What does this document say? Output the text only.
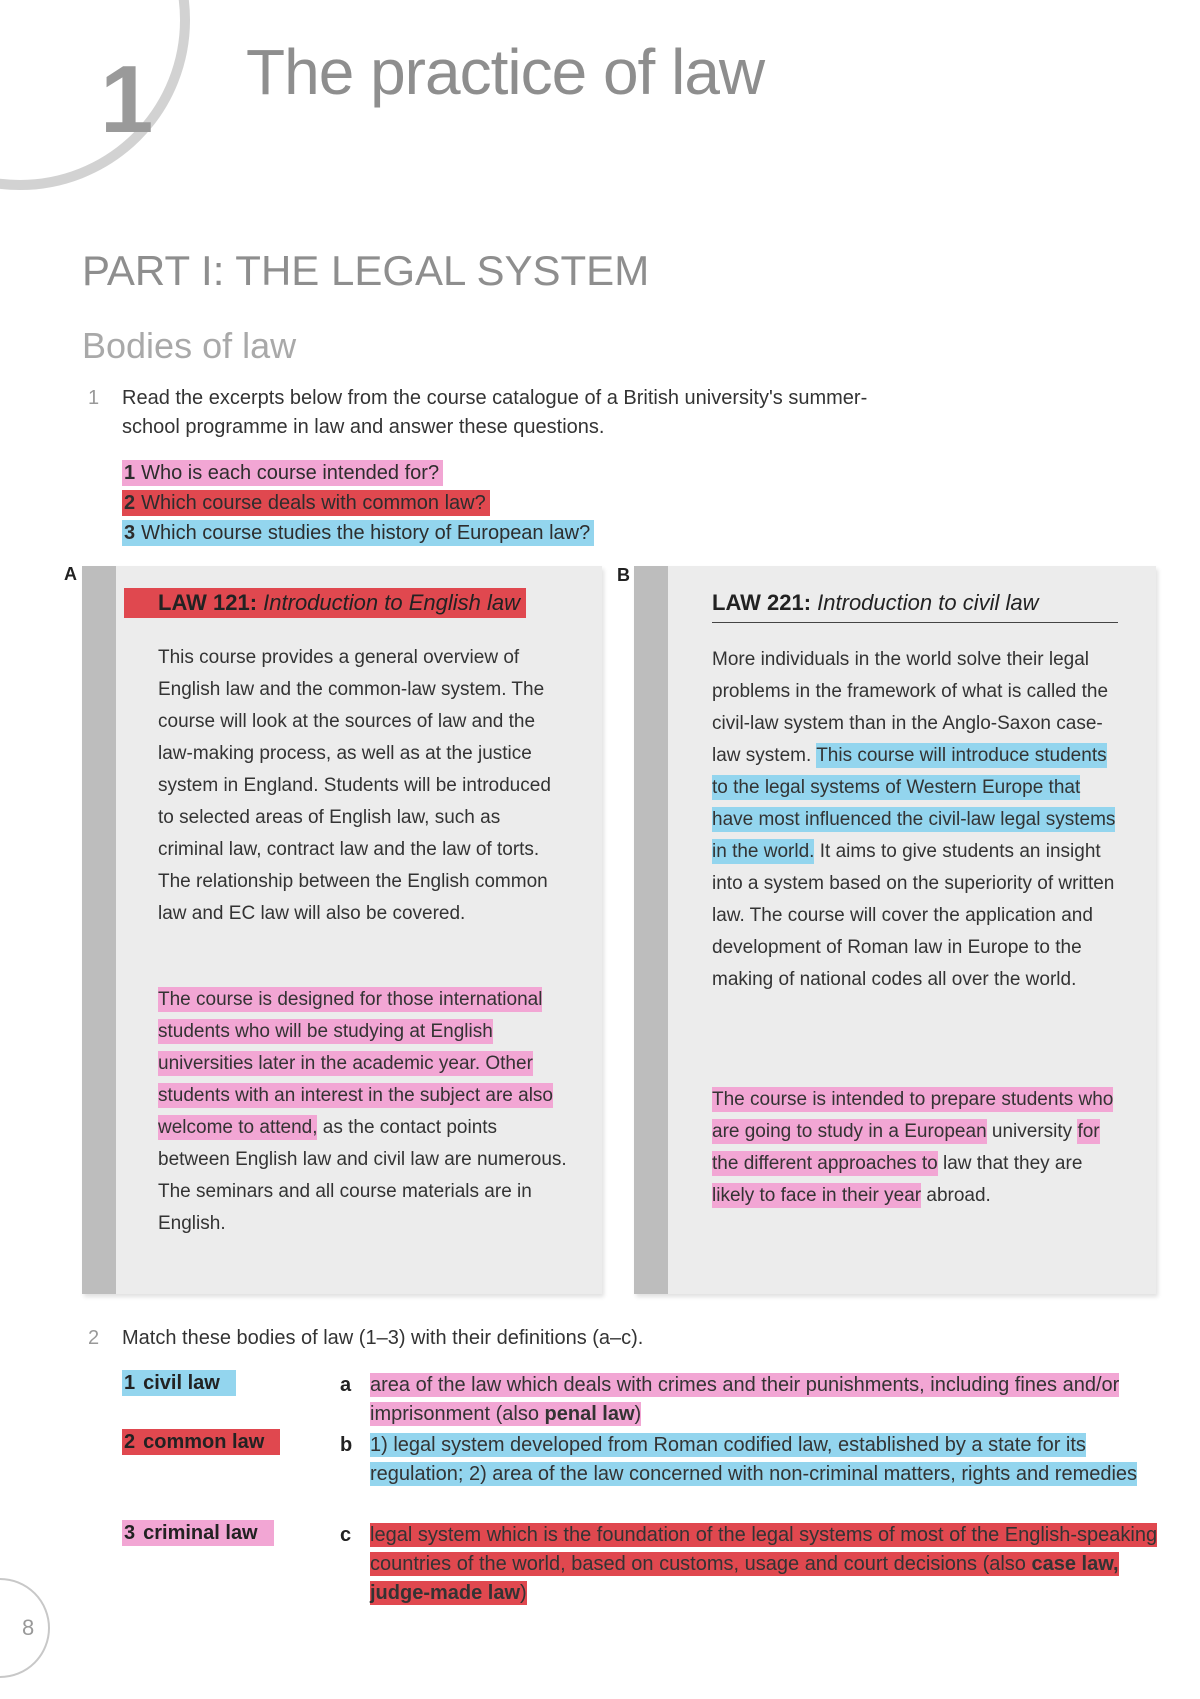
1 The practice of law
PART I: THE LEGAL SYSTEM
Bodies of law
1 Read the excerpts below from the course catalogue of a British university's summer-school programme in law and answer these questions.
1 Who is each course intended for?
2 Which course deals with common law?
3 Which course studies the history of European law?
A
LAW 121: Introduction to English law
This course provides a general overview of English law and the common-law system. The course will look at the sources of law and the law-making process, as well as at the justice system in England. Students will be introduced to selected areas of English law, such as criminal law, contract law and the law of torts. The relationship between the English common law and EC law will also be covered.
The course is designed for those international students who will be studying at English universities later in the academic year. Other students with an interest in the subject are also welcome to attend, as the contact points between English law and civil law are numerous. The seminars and all course materials are in English.
B
LAW 221: Introduction to civil law
More individuals in the world solve their legal problems in the framework of what is called the civil-law system than in the Anglo-Saxon case-law system. This course will introduce students to the legal systems of Western Europe that have most influenced the civil-law legal systems in the world. It aims to give students an insight into a system based on the superiority of written law. The course will cover the application and development of Roman law in Europe to the making of national codes all over the world.
The course is intended to prepare students who are going to study in a European university for the different approaches to law that they are likely to face in their year abroad.
2 Match these bodies of law (1–3) with their definitions (a–c).
1 civil law
2 common law
3 criminal law
a area of the law which deals with crimes and their punishments, including fines and/or imprisonment (also penal law)
b 1) legal system developed from Roman codified law, established by a state for its regulation; 2) area of the law concerned with non-criminal matters, rights and remedies
c legal system which is the foundation of the legal systems of most of the English-speaking countries of the world, based on customs, usage and court decisions (also case law, judge-made law)
8
